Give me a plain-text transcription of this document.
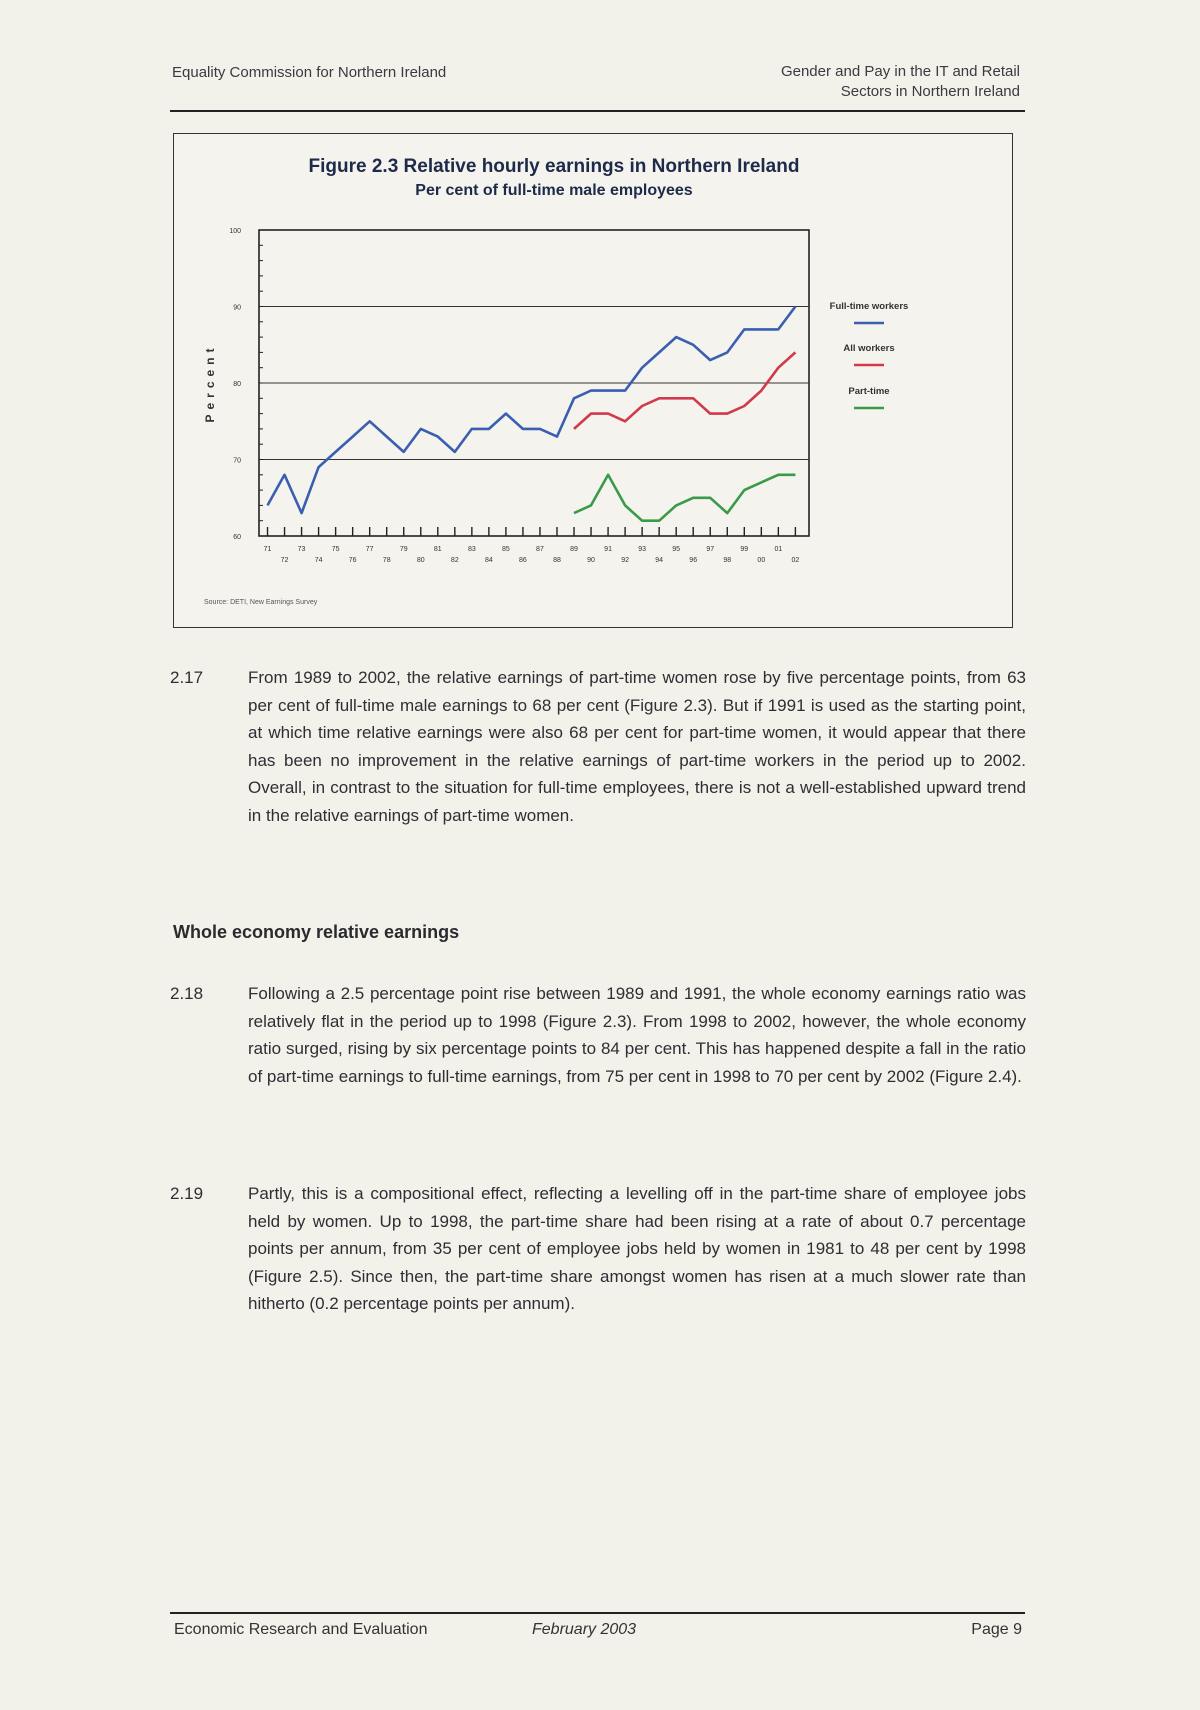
Equality Commission for Northern Ireland	Gender and Pay in the IT and Retail
Sectors in Northern Ireland
Figure 2.3 Relative hourly earnings in Northern Ireland
Per cent of full-time male employees
60
70
80
90
100
71	73	75	77	79	81	83	85	87	89	91	93	95	97	99	01
72	74	76	78	80	82	84	86	88	90	92	94	96	98	00	02
Percent
Full-time workers
All workers
Part-time
Source: DETI, New Earnings Survey
2.17	From 1989 to 2002, the relative earnings of part-time women rose by five percentage points, from 63 per cent of full-time male earnings to 68 per cent (Figure 2.3). But if 1991 is used as the starting point, at which time relative earnings were also 68 per cent for part-time women, it would appear that there has been no improvement in the relative earnings of part-time workers in the period up to 2002. Overall, in contrast to the situation for full-time employees, there is not a well-established upward trend in the relative earnings of part-time women.
Whole economy relative earnings
2.18	Following a 2.5 percentage point rise between 1989 and 1991, the whole economy earnings ratio was relatively flat in the period up to 1998 (Figure 2.3). From 1998 to 2002, however, the whole economy ratio surged, rising by six percentage points to 84 per cent. This has happened despite a fall in the ratio of part-time earnings to full-time earnings, from 75 per cent in 1998 to 70 per cent by 2002 (Figure 2.4).
2.19	Partly, this is a compositional effect, reflecting a levelling off in the part-time share of employee jobs held by women. Up to 1998, the part-time share had been rising at a rate of about 0.7 percentage points per annum, from 35 per cent of employee jobs held by women in 1981 to 48 per cent by 1998 (Figure 2.5). Since then, the part-time share amongst women has risen at a much slower rate than hitherto (0.2 percentage points per annum).
Economic Research and Evaluation	February 2003	Page 9
